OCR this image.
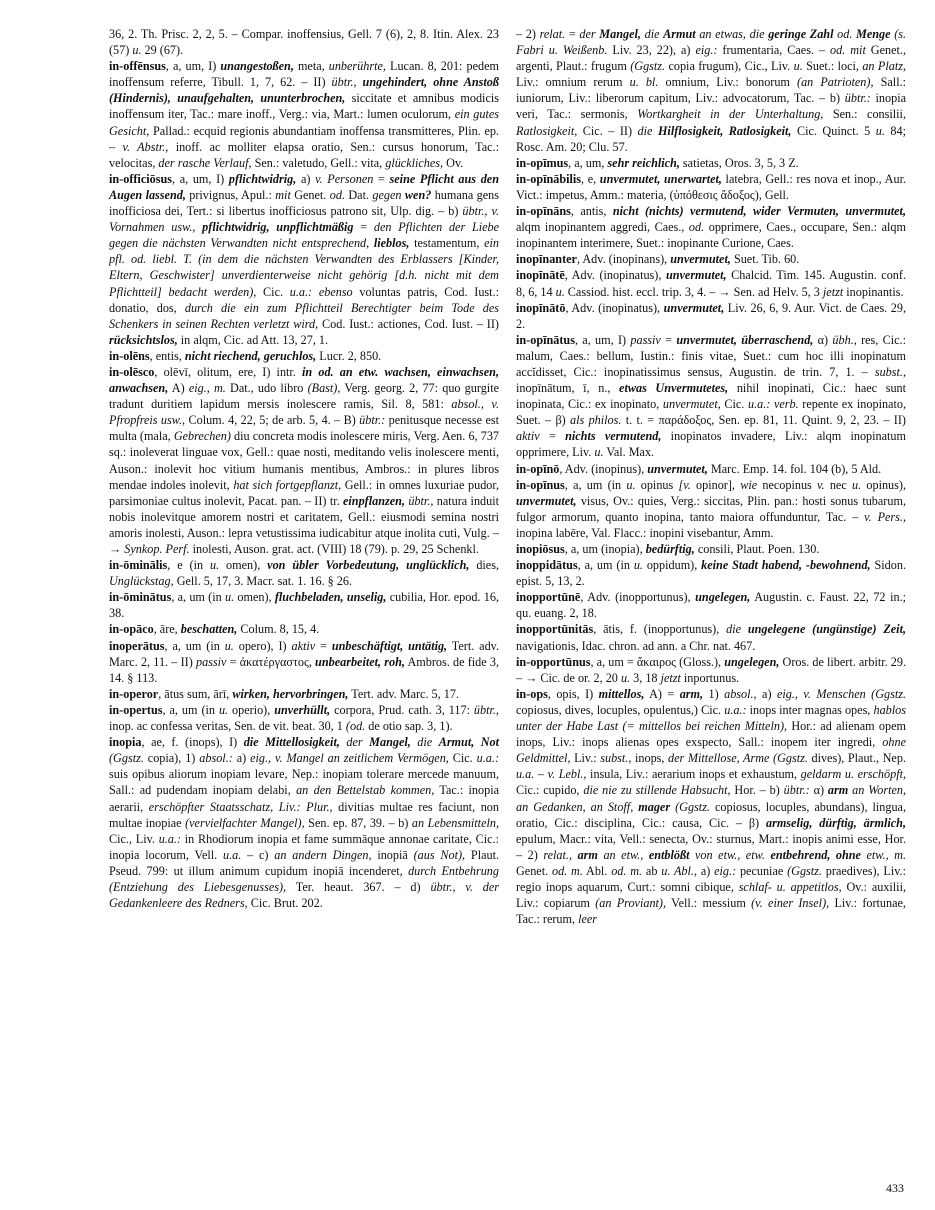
36, 2. Th. Prisc. 2, 2, 5. – Compar. inoffensius, Gell. 7 (6), 2, 8. Itin. Alex. 23 (57) u. 29 (67).

in-offēnsus, a, um, I) unangestoßen, meta, unberührte, Lucan. 8, 201: pedem inoffensum referre, Tibull. 1, 7, 62. – II) übtr., ungehindert, ohne Anstoß (Hindernis), unaufgehalten, ununterbrochen, siccitate et amnibus modicis inoffensum iter, Tac.: mare inoff., Verg.: via, Mart.: lumen oculorum, ein gutes Gesicht, Pallad.: ecquid regionis abundantiam inoffensa transmitteres, Plin. ep. – v. Abstr., inoff. ac molliter elapsa oratio, Sen.: cursus honorum, Tac.: velocitas, der rasche Verlauf, Sen.: valetudo, Gell.: vita, glückliches, Ov.

in-officiōsus, a, um, I) pflichtwidrig, a) v. Personen = seine Pflicht aus den Augen lassend, privignus, Apul.: mit Genet. od. Dat. gegen wen? humana gens inofficiosa dei, Tert.: si libertus inofficiosus patrono sit, Ulp. dig. – b) übtr., v. Vornahmen usw., pflichtwidrig, unpflichtmäßig = den Pflichten der Liebe gegen die nächsten Verwandten nicht entsprechend, lieblos, testamentum, ein pfl. od. liebl. T. (in dem die nächsten Verwandten des Erblassers [Kinder, Eltern, Geschwister] unverdienterweise nicht gehörig [d.h. nicht mit dem Pflichtteil] bedacht werden), Cic. u.a.: ebenso voluntas patris, Cod. Iust.: donatio, dos, durch die ein zum Pflichtteil Berechtigter beim Tode des Schenkers in seinen Rechten verletzt wird, Cod. Iust.: actiones, Cod. Iust. – II) rücksichtslos, in alqm, Cic. ad Att. 13, 27, 1.

in-olēns, entis, nicht riechend, geruchlos, Lucr. 2, 850.

in-olēsco, olēvī, olitum, ere, I) intr. in od. an etw. wachsen, einwachsen, anwachsen, A) eig., m. Dat., udo libro (Bast), Verg. georg. 2, 77: quo gurgite tradunt duritiem lapidum mersis inolescere ramis, Sil. 8, 581: absol., v. Pfropfreis usw., Colum. 4, 22, 5; de arb. 5, 4. – B) übtr.: penitusque necesse est multa (mala, Gebrechen) diu concreta modis inolescere miris, Verg. Aen. 6, 737 sq.: inoleverat linguae vox, Gell.: quae nosti, meditando velis inolescere menti, Auson.: inolevit hoc vitium humanis mentibus, Ambros.: in plures libros mendae indoles inolevit, hat sich fortgepflanzt, Gell.: in omnes luxuriae pudor, parsimoniae cultus inolevit, Pacat. pan. – II) tr. einpflanzen, übtr., natura induit nobis inolevitque amorem nostri et caritatem, Gell.: eiusmodi semina nostri amoris inolesti, Auson.: lepra vetustissima iudicabitur atque inolita cuti, Vulg. – → Synkop. Perf. inolesti, Auson. grat. act. (VIII) 18 (79). p. 29, 25 Schenkl.

in-ōminālis, e (in u. omen), von übler Vorbedeutung, unglücklich, dies, Unglückstag, Gell. 5, 17, 3. Macr. sat. 1. 16. § 26.

in-ōminātus, a, um (in u. omen), fluchbeladen, unselig, cubilia, Hor. epod. 16, 38.

in-opāco, āre, beschatten, Colum. 8, 15, 4.

inoperātus, a, um (in u. opero), I) aktiv = unbeschäftigt, untätig, Tert. adv. Marc. 2, 11. – II) passiv = ἀκατέργαστος, unbearbeitet, roh, Ambros. de fide 3, 14. § 113.

in-operor, ātus sum, ārī, wirken, hervorbringen, Tert. adv. Marc. 5, 17.

in-opertus, a, um (in u. operio), unverhüllt, corpora, Prud. cath. 3, 117: übtr., inop. ac confessa veritas, Sen. de vit. beat. 30, 1 (od. de otio sap. 3, 1).

inopia, ae, f. (inops), I) die Mittellosigkeit, der Mangel, die Armut, Not (Ggstz. copia), 1) absol.: a) eig., v. Mangel an zeitlichem Vermögen, Cic. u.a.: suis opibus aliorum inopiam levare, Nep.: inopiam tolerare mercede manuum, Sall.: ad pudendam inopiam delabi, an den Bettelstab kommen, Tac.: inopia aerarii, erschöpfter Staatsschatz, Liv.: Plur., divitias multae res faciunt, non multae inopiae (vervielfachter Mangel), Sen. ep. 87, 39. – b) an Lebensmitteln, Cic., Liv. u.a.: in Rhodiorum inopia et fame summāque annonae caritate, Cic.: inopia locorum, Vell. u.a. – c) an andern Dingen, inopiā (aus Not), Plaut. Pseud. 799: ut illum animum cupidum inopiā incenderet, durch Entbehrung (Entziehung des Liebesgenusses), Ter. heaut. 367. – d) übtr., v. der Gedankenleere des Redners, Cic. Brut. 202.

– 2) relat. = der Mangel, die Armut an etwas, die geringe Zahl od. Menge (s. Fabri u. Weißenb. Liv. 23, 22), a) eig.: frumentaria, Caes. – od. mit Genet., argenti, Plaut.: frugum (Ggstz. copia frugum), Cic., Liv. u. Suet.: loci, an Platz, Liv.: omnium rerum u. bl. omnium, Liv.: bonorum (an Patrioten), Sall.: iuniorum, Liv.: liberorum capitum, Liv.: advocatorum, Tac. – b) übtr.: inopia veri, Tac.: sermonis, Wortkargheit in der Unterhaltung, Sen.: consilii, Ratlosigkeit, Cic. – II) die Hilflosigkeit, Ratlosigkeit, Cic. Quinct. 5 u. 84; Rosc. Am. 20; Clu. 57.

in-opīmus, a, um, sehr reichlich, satietas, Oros. 3, 5, 3 Z.

in-opīnābilis, e, unvermutet, unerwartet, latebra, Gell.: res nova et inop., Aur. Vict.: impetus, Amm.: materia, (ὑπόθεσις ἄδοξος), Gell.

in-opīnāns, antis, nicht (nichts) vermutend, wider Vermuten, unvermutet, alqm inopinantem aggredi, Caes., od. opprimere, Caes., occupare, Sen.: alqm inopinantem interimere, Suet.: inopinante Curione, Caes.

inopīnanter, Adv. (inopinans), unvermutet, Suet. Tib. 60.

inopīnātē, Adv. (inopinatus), unvermutet, Chalcid. Tim. 145. Augustin. conf. 8, 6, 14 u. Cassiod. hist. eccl. trip. 3, 4. – → Sen. ad Helv. 5, 3 jetzt inopinantis.

inopīnātō, Adv. (inopinatus), unvermutet, Liv. 26, 6, 9. Aur. Vict. de Caes. 29, 2.

in-opīnātus, a, um, I) passiv = unvermutet, überraschend, α) übh., res, Cic.: malum, Caes.: bellum, Iustin.: finis vitae, Suet.: cum hoc illi inopinatum accĭdisset, Cic.: inopinatissimus sensus, Augustin. de trin. 7, 1. – subst., inopīnātum, ī, n., etwas Unvermutetes, nihil inopinati, Cic.: haec sunt inopinata, Cic.: ex inopinato, unvermutet, Cic. u.a.: verb. repente ex inopinato, Suet. – β) als philos. t. t. = παράδοξος, Sen. ep. 81, 11. Quint. 9, 2, 23. – II) aktiv = nichts vermutend, inopinatos invadere, Liv.: alqm inopinatum opprimere, Liv. u. Val. Max.

in-opīnō, Adv. (inopinus), unvermutet, Marc. Emp. 14. fol. 104 (b), 5 Ald.

in-opīnus, a, um (in u. opinus [v. opinor], wie necopinus v. nec u. opinus), unvermutet, visus, Ov.: quies, Verg.: siccitas, Plin. pan.: hosti sonus tubarum, fulgor armorum, quanto inopina, tanto maiora offunduntur, Tac. – v. Pers., inopina labēre, Val. Flacc.: inopini visebantur, Amm.

inopiōsus, a, um (inopia), bedürftig, consili, Plaut. Poen. 130.

inoppidātus, a, um (in u. oppidum), keine Stadt habend, -bewohnend, Sidon. epist. 5, 13, 2.

inopportūnē, Adv. (inopportunus), ungelegen, Augustin. c. Faust. 22, 72 in.; qu. euang. 2, 18.

inopportūnitās, ātis, f. (inopportunus), die ungelegene (ungünstige) Zeit, navigationis, Idac. chron. ad ann. a Chr. nat. 467.

in-opportūnus, a, um = ἄκαιρος (Gloss.), ungelegen, Oros. de libert. arbitr. 29. – → Cic. de or. 2, 20 u. 3, 18 jetzt inportunus.

in-ops, opis, I) mittellos, A) = arm, 1) absol., a) eig., v. Menschen (Ggstz. copiosus, dives, locuples, opulentus,) Cic. u.a.: inops inter magnas opes, hablos unter der Habe Last (= mittellos bei reichen Mitteln), Hor.: ad alienam opem inops, Liv.: inops alienas opes exspecto, Sall.: inopem iter ingredi, ohne Geldmittel, Liv.: subst., inops, der Mittellose, Arme (Ggstz. dives), Plaut., Nep. u.a. – v. Lebl., insula, Liv.: aerarium inops et exhaustum, geldarm u. erschöpft, Cic.: cupido, die nie zu stillende Habsucht, Hor. – b) übtr.: α) arm an Worten, an Gedanken, an Stoff, mager (Ggstz. copiosus, locuples, abundans), lingua, oratio, Cic.: disciplina, Cic.: causa, Cic. – β) armselig, dürftig, ärmlich, epulum, Macr.: vita, Vell.: senecta, Ov.: sturnus, Mart.: inopis animi esse, Hor. – 2) relat., arm an etw., entblößt von etw., etw. entbehrend, ohne etw., m. Genet. od. m. Abl. od. m. ab u. Abl., a) eig.: pecuniae (Ggstz. praedives), Liv.: regio inops aquarum, Curt.: somni cibique, schlaf- u. appetitlos, Ov.: auxilii, Liv.: copiarum (an Proviant), Vell.: messium (v. einer Insel), Liv.: fortunae, Tac.: rerum, leer

433
